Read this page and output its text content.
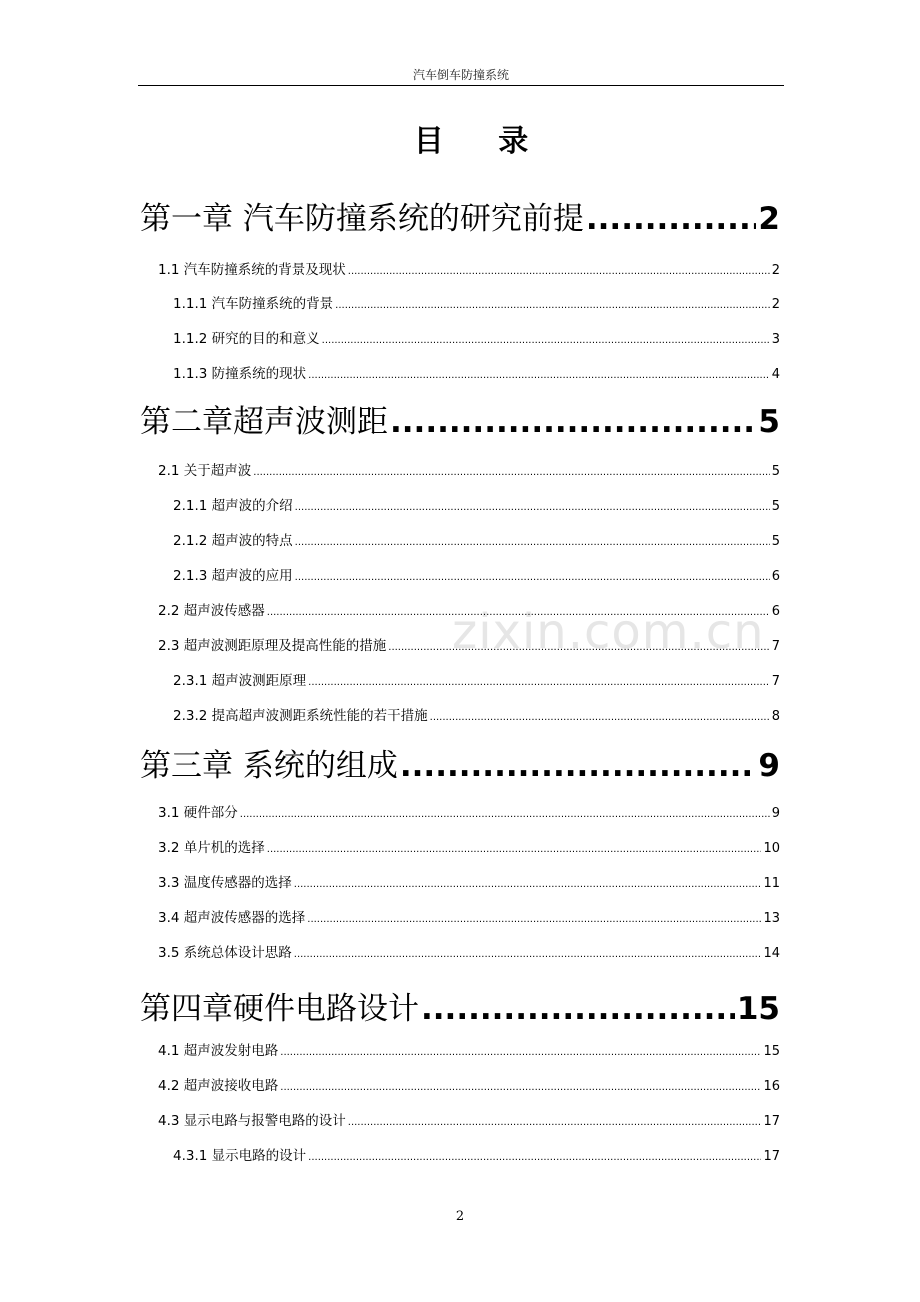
汽车倒车防撞系统
目 录
zixin.com.cn
第一章 汽车防撞系统的研究前提 .....	2
1.1 汽车防撞系统的背景及现状 .....	2
1.1.1 汽车防撞系统的背景 .....	2
1.1.2 研究的目的和意义 .....	3
1.1.3 防撞系统的现状 .....	4
第二章超声波测距 .....	5
2.1 关于超声波 .....	5
2.1.1 超声波的介绍 .....	5
2.1.2 超声波的特点 .....	5
2.1.3 超声波的应用 .....	6
2.2 超声波传感器 .....	6
2.3 超声波测距原理及提高性能的措施 .....	7
2.3.1 超声波测距原理 .....	7
2.3.2 提高超声波测距系统性能的若干措施 .....	8
第三章 系统的组成 .....	9
3.1 硬件部分 .....	9
3.2 单片机的选择 .....	10
3.3 温度传感器的选择 .....	11
3.4 超声波传感器的选择 .....	13
3.5 系统总体设计思路 .....	14
第四章硬件电路设计 .....	15
4.1 超声波发射电路 .....	15
4.2 超声波接收电路 .....	16
4.3 显示电路与报警电路的设计 .....	17
4.3.1 显示电路的设计 .....	17
2
